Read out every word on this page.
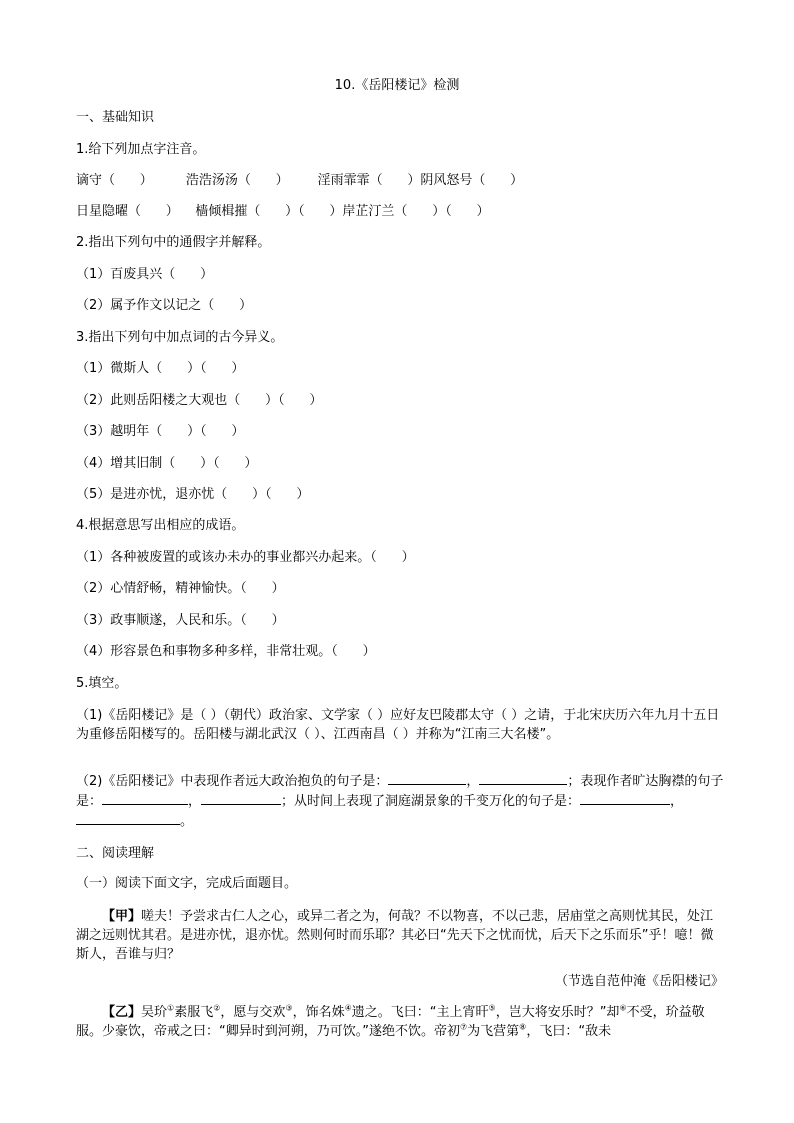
10.《岳阳楼记》检测
一、基础知识
1.给下列加点字注音。
谪守（      ）        浩浩汤汤（      ）       淫雨霏霏（      ）阴风怒号（      ）
日星隐曜（      ）    樯倾楫摧（      ）（      ）岸芷汀兰（      ）（      ）
2.指出下列句中的通假字并解释。
（1）百废具兴（      ）
（2）属予作文以记之（      ）
3.指出下列句中加点词的古今异义。
（1）微斯人（      ）（      ）
（2）此则岳阳楼之大观也（      ）（      ）
（3）越明年（      ）（      ）
（4）增其旧制（      ）（      ）
（5）是进亦忧，退亦忧（      ）（      ）
4.根据意思写出相应的成语。
（1）各种被废置的或该办未办的事业都兴办起来。（      ）
（2）心情舒畅，精神愉快。（      ）
（3）政事顺遂，人民和乐。（      ）
（4）形容景色和事物多种多样，非常壮观。（      ）
5.填空。
（1)《岳阳楼记》是（ ）（朝代）政治家、文学家（ ）应好友巴陵郡太守（ ）之请，于北宋庆历六年九月十五日为重修岳阳楼写的。岳阳楼与湖北武汉（ ）、江西南昌（ ）并称为“江南三大名楼”。
（2)《岳阳楼记》中表现作者远大政治抱负的句子是：	，	；表现作者旷达胸襟的句子是：	，	；从时间上表现了洞庭湖景象的千变万化的句子是：	，
。
二、阅读理解
（一）阅读下面文字，完成后面题目。
【甲】嗟夫！予尝求古仁人之心，或异二者之为，何哉？不以物喜，不以己悲，居庙堂之高则忧其民，处江湖之远则忧其君。是进亦忧，退亦忧。然则何时而乐耶？其必曰“先天下之忧而忧，后天下之乐而乐”乎！噫！微斯人，吾谁与归？
（节选自范仲淹《岳阳楼记》
【乙】吴玠①素服飞②，愿与交欢③，饰名姝④遗之。飞曰：“主上宵旰⑤，岂大将安乐时？”却⑥不受，玠益敬服。少豪饮，帝戒之曰：“卿异时到河朔，乃可饮。”遂绝不饮。帝初⑦为飞营第⑧，飞曰：“敌未
